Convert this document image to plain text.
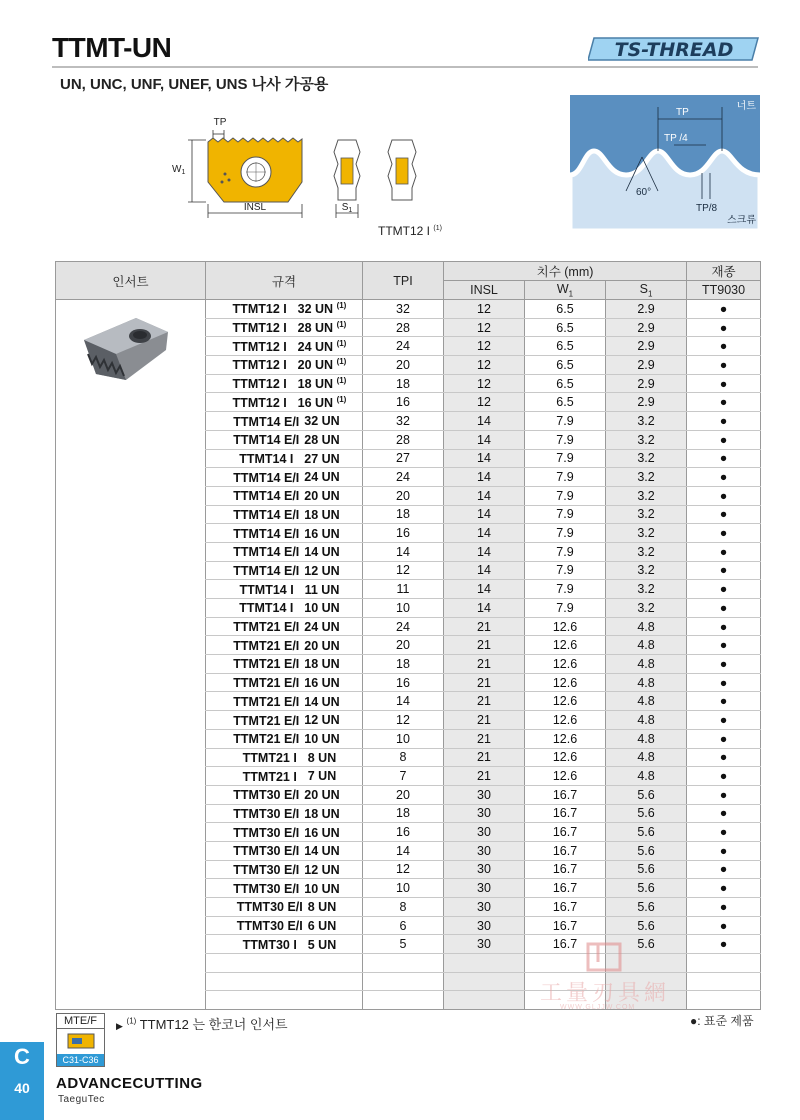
TTMT-UN	TS-THREAD
UN, UNC, UNF, UNEF, UNS 나사 가공용
TP
$W_1$
INSL	$S_1$
TTMT12 I $^{(1)}$
TP
TP /4
60°
TP/8
너트
스크류
인서트	규격	TPI	치수 (mm)			재종
			INSL	$W_1$	$S_1$	TT9030

	TTMT12 I 32 UN $^{(1)}$	32	12	6.5	2.9	●
	TTMT12 I 28 UN $^{(1)}$	28	12	6.5	2.9	●
	TTMT12 I 24 UN $^{(1)}$	24	12	6.5	2.9	●
	TTMT12 I 20 UN $^{(1)}$	20	12	6.5	2.9	●
	TTMT12 I 18 UN $^{(1)}$	18	12	6.5	2.9	●
	TTMT12 I 16 UN $^{(1)}$	16	12	6.5	2.9	●
	TTMT14 E/I 32 UN	32	14	7.9	3.2	●
	TTMT14 E/I 28 UN	28	14	7.9	3.2	●
	TTMT14 I 27 UN	27	14	7.9	3.2	●
	TTMT14 E/I 24 UN	24	14	7.9	3.2	●
	TTMT14 E/I 20 UN	20	14	7.9	3.2	●
	TTMT14 E/I 18 UN	18	14	7.9	3.2	●
	TTMT14 E/I 16 UN	16	14	7.9	3.2	●
	TTMT14 E/I 14 UN	14	14	7.9	3.2	●
	TTMT14 E/I 12 UN	12	14	7.9	3.2	●
	TTMT14 I 11 UN	11	14	7.9	3.2	●
	TTMT14 I 10 UN	10	14	7.9	3.2	●
	TTMT21 E/I 24 UN	24	21	12.6	4.8	●
	TTMT21 E/I 20 UN	20	21	12.6	4.8	●
	TTMT21 E/I 18 UN	18	21	12.6	4.8	●
	TTMT21 E/I 16 UN	16	21	12.6	4.8	●
	TTMT21 E/I 14 UN	14	21	12.6	4.8	●
	TTMT21 E/I 12 UN	12	21	12.6	4.8	●
	TTMT21 E/I 10 UN	10	21	12.6	4.8	●
	TTMT21 I 8 UN	8	21	12.6	4.8	●
	TTMT21 I 7 UN	7	21	12.6	4.8	●
	TTMT30 E/I 20 UN	20	30	16.7	5.6	●
	TTMT30 E/I 18 UN	18	30	16.7	5.6	●
	TTMT30 E/I 16 UN	16	30	16.7	5.6	●
	TTMT30 E/I 14 UN	14	30	16.7	5.6	●
	TTMT30 E/I 12 UN	12	30	16.7	5.6	●
	TTMT30 E/I 10 UN	10	30	16.7	5.6	●
	TTMT30 E/I 8 UN	8	30	16.7	5.6	●
	TTMT30 E/I 6 UN	6	30	16.7	5.6	●
	TTMT30 I 5 UN	5	30	16.7	5.6	●

工量刃具網
WWW.GLJJW.COM
MTE/F
C31-C36
▶ $^{(1)}$ TTMT12 는 한코너 인서트	●: 표준 제품
C
40	ADVANCECUTTING
TaeguTec
